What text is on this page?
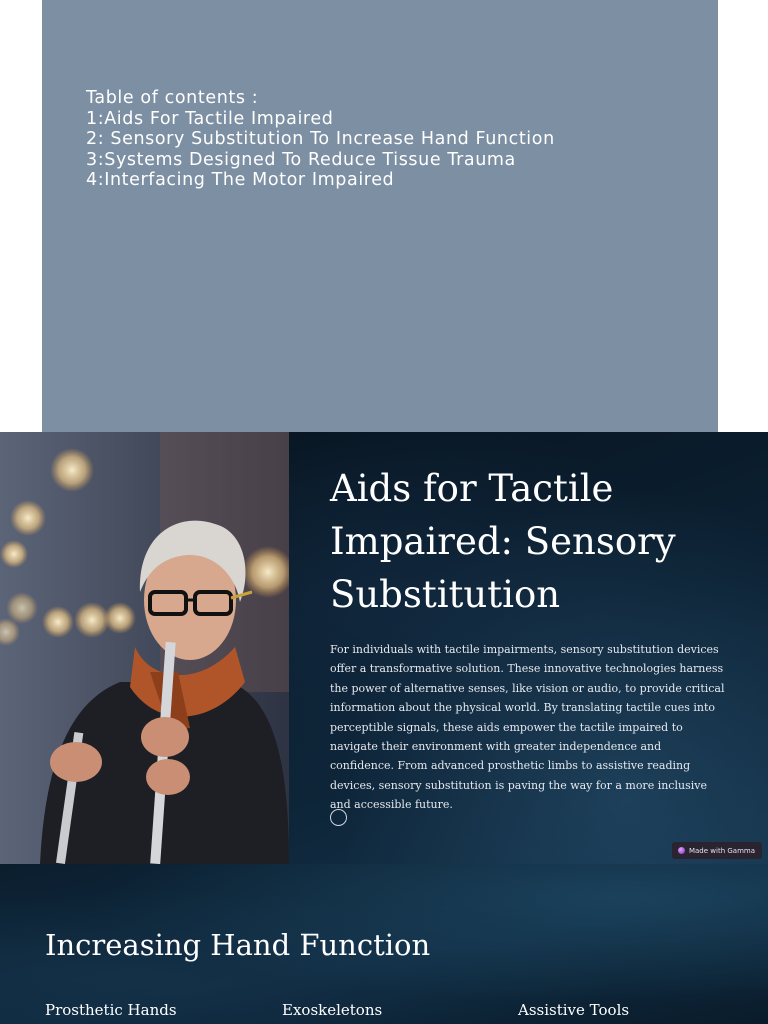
Table of contents :
1:Aids For Tactile Impaired
2: Sensory Substitution To Increase Hand Function
3:Systems Designed To Reduce Tissue Trauma
4:Interfacing The Motor Impaired
Aids for Tactile Impaired: Sensory Substitution

For individuals with tactile impairments, sensory substitution devices offer a transformative solution. These innovative technologies harness the power of alternative senses, like vision or audio, to provide critical information about the physical world. By translating tactile cues into perceptible signals, these aids empower the tactile impaired to navigate their environment with greater independence and confidence. From advanced prosthetic limbs to assistive reading devices, sensory substitution is paving the way for a more inclusive and accessible future.

Made with Gamma
Increasing Hand Function
Prosthetic Hands	Exoskeletons	Assistive Tools
